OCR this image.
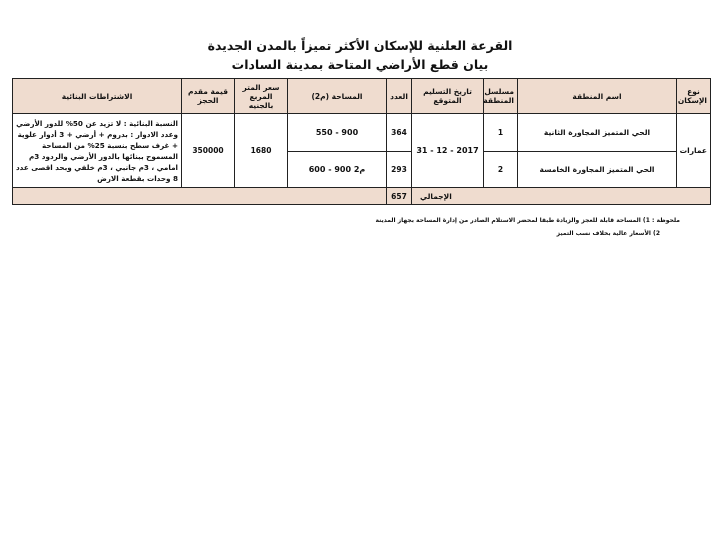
القرعة العلنية للإسكان الأكثر تميزاً بالمدن الجديدة
بيان قطع الأراضي المتاحة بمدينة السادات
نوع الإسكان	اسم المنطقة	مسلسل المنطقة	تاريخ التسليم المتوقع	العدد	المساحة (م2)	سعر المتر المربع بالجنيه	قيمة مقدم الحجز	الاشتراطات البنائية
عمارات	الحي المتميز المجاورة الثانية	1	31 - 12 - 2017	364	550 - 900	1680	350000	النسبة البنائية : لا تزيد عن 50% للدور الأرضي وعدد الادوار : بدروم + أرضي + 3 أدوار علوية + غرف سطح بنسبة 25% من المساحة المسموح ببنائها بالدور الأرضي والردود 3م امامي ، 3م جانبي ، 3م خلفي وبحد اقصى عدد 8 وحدات بقطعة الارض
	الحي المتميز المجاورة الخامسة	2		293	600 - 900 م2			
الإجمالي				657				
ملحوظة : 1) المساحة قابلة للعجز والزيادة طبقا لمحضر الاستلام الصادر من إدارة المساحة بجهاز المدينة
2) الأسعار عالية بخلاف نسب التميز
